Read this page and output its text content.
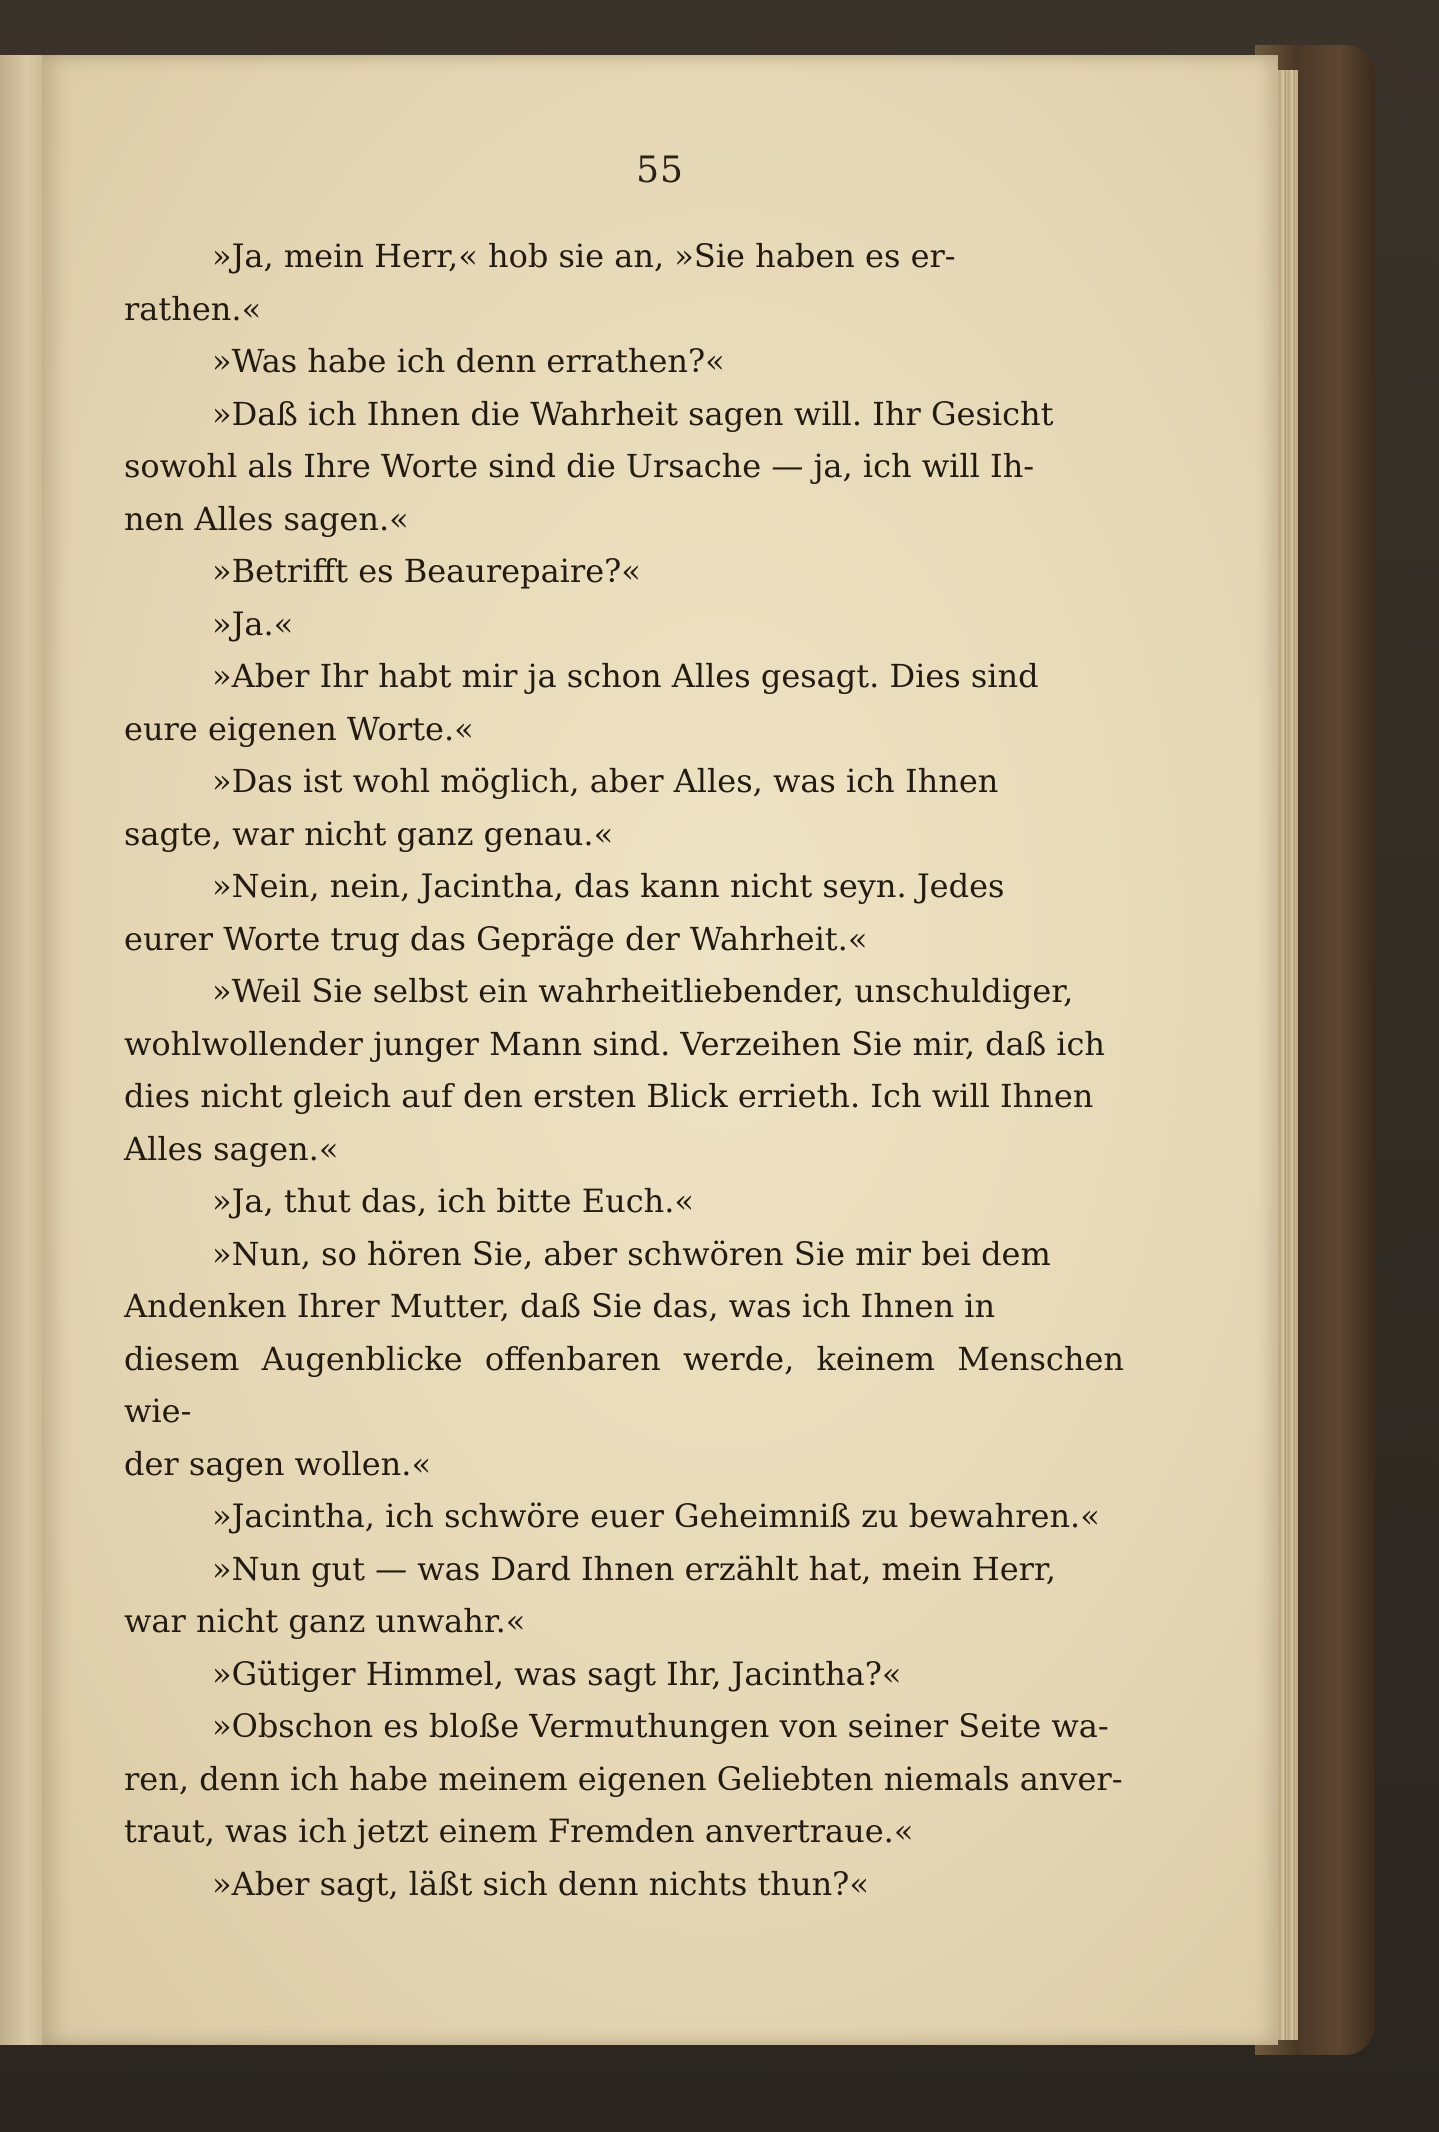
55

»Ja, mein Herr,« hob sie an, »Sie haben es er-
rathen.«

»Was habe ich denn errathen?«

»Daß ich Ihnen die Wahrheit sagen will. Ihr Gesicht
sowohl als Ihre Worte sind die Ursache — ja, ich will Ih-
nen Alles sagen.«

»Betrifft es Beaurepaire?«

»Ja.«

»Aber Ihr habt mir ja schon Alles gesagt. Dies sind
eure eigenen Worte.«

»Das ist wohl möglich, aber Alles, was ich Ihnen
sagte, war nicht ganz genau.«

»Nein, nein, Jacintha, das kann nicht seyn. Jedes
eurer Worte trug das Gepräge der Wahrheit.«

»Weil Sie selbst ein wahrheitliebender, unschuldiger,
wohlwollender junger Mann sind. Verzeihen Sie mir, daß ich
dies nicht gleich auf den ersten Blick errieth. Ich will Ihnen
Alles sagen.«

»Ja, thut das, ich bitte Euch.«

»Nun, so hören Sie, aber schwören Sie mir bei dem
Andenken Ihrer Mutter, daß Sie das, was ich Ihnen in
diesem Augenblicke offenbaren werde, keinem Menschen wie-
der sagen wollen.«

»Jacintha, ich schwöre euer Geheimniß zu bewahren.«

»Nun gut — was Dard Ihnen erzählt hat, mein Herr,
war nicht ganz unwahr.«

»Gütiger Himmel, was sagt Ihr, Jacintha?«

»Obschon es bloße Vermuthungen von seiner Seite wa-
ren, denn ich habe meinem eigenen Geliebten niemals anver-
traut, was ich jetzt einem Fremden anvertraue.«

»Aber sagt, läßt sich denn nichts thun?«
